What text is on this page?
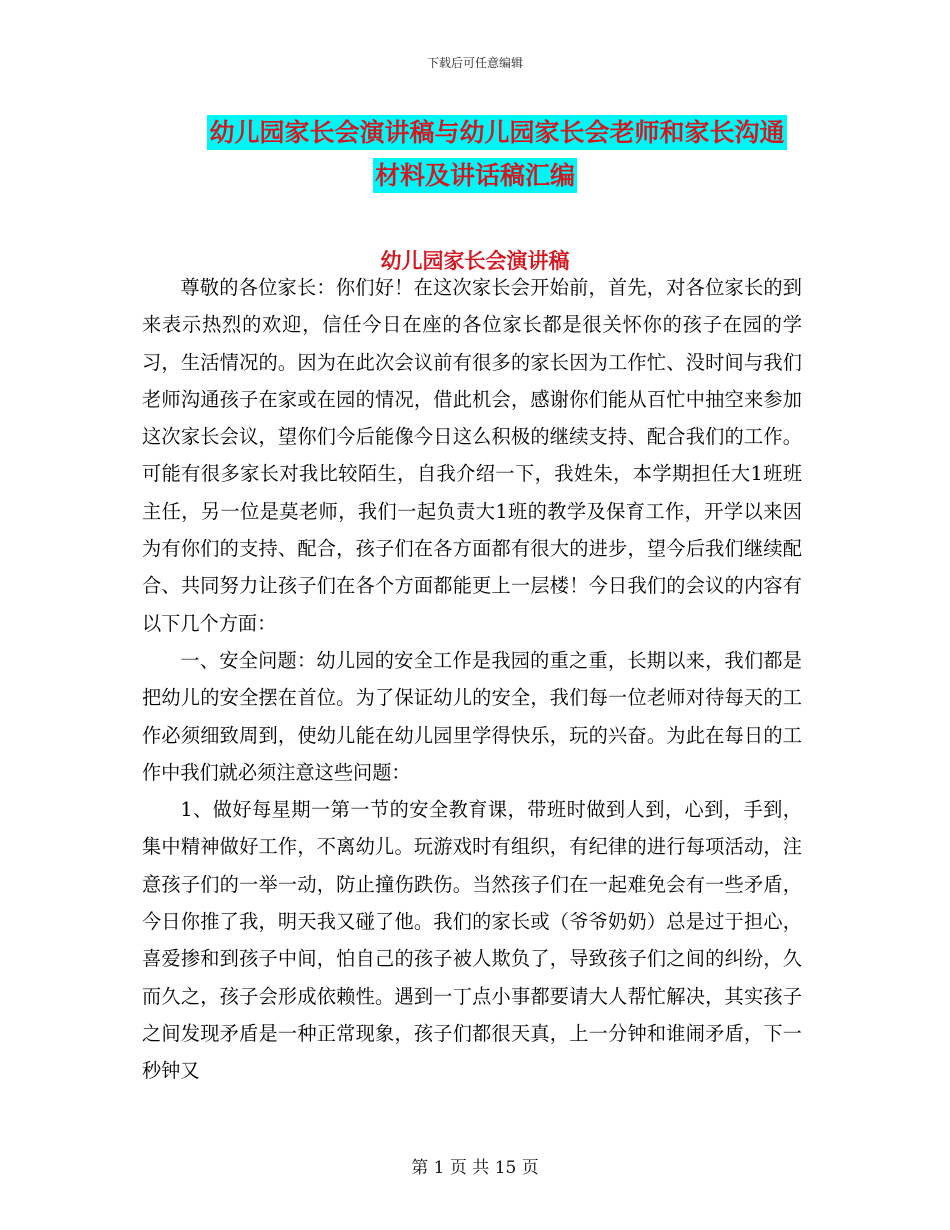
下载后可任意编辑
幼儿园家长会演讲稿与幼儿园家长会老师和家长沟通
材料及讲话稿汇编
幼儿园家长会演讲稿

尊敬的各位家长：你们好！在这次家长会开始前，首先，对各位家长的到来表示热烈的欢迎，信任今日在座的各位家长都是很关怀你的孩子在园的学习，生活情况的。因为在此次会议前有很多的家长因为工作忙、没时间与我们老师沟通孩子在家或在园的情况，借此机会，感谢你们能从百忙中抽空来参加这次家长会议，望你们今后能像今日这么积极的继续支持、配合我们的工作。 可能有很多家长对我比较陌生，自我介绍一下，我姓朱，本学期担任大1班班主任，另一位是莫老师，我们一起负责大1班的教学及保育工作，开学以来因为有你们的支持、配合，孩子们在各方面都有很大的进步，望今后我们继续配合、共同努力让孩子们在各个方面都能更上一层楼！今日我们的会议的内容有以下几个方面：

一、安全问题：幼儿园的安全工作是我园的重之重，长期以来，我们都是把幼儿的安全摆在首位。为了保证幼儿的安全，我们每一位老师对待每天的工作必须细致周到，使幼儿能在幼儿园里学得快乐，玩的兴奋。为此在每日的工作中我们就必须注意这些问题：

1、做好每星期一第一节的安全教育课，带班时做到人到，心到，手到，集中精神做好工作，不离幼儿。玩游戏时有组织，有纪律的进行每项活动，注意孩子们的一举一动，防止撞伤跌伤。当然孩子们在一起难免会有一些矛盾，今日你推了我，明天我又碰了他。我们的家长或（爷爷奶奶）总是过于担心，喜爱掺和到孩子中间，怕自己的孩子被人欺负了，导致孩子们之间的纠纷，久而久之，孩子会形成依赖性。遇到一丁点小事都要请大人帮忙解决，其实孩子之间发现矛盾是一种正常现象，孩子们都很天真，上一分钟和谁闹矛盾，下一秒钟又

第 1 页 共 15 页
